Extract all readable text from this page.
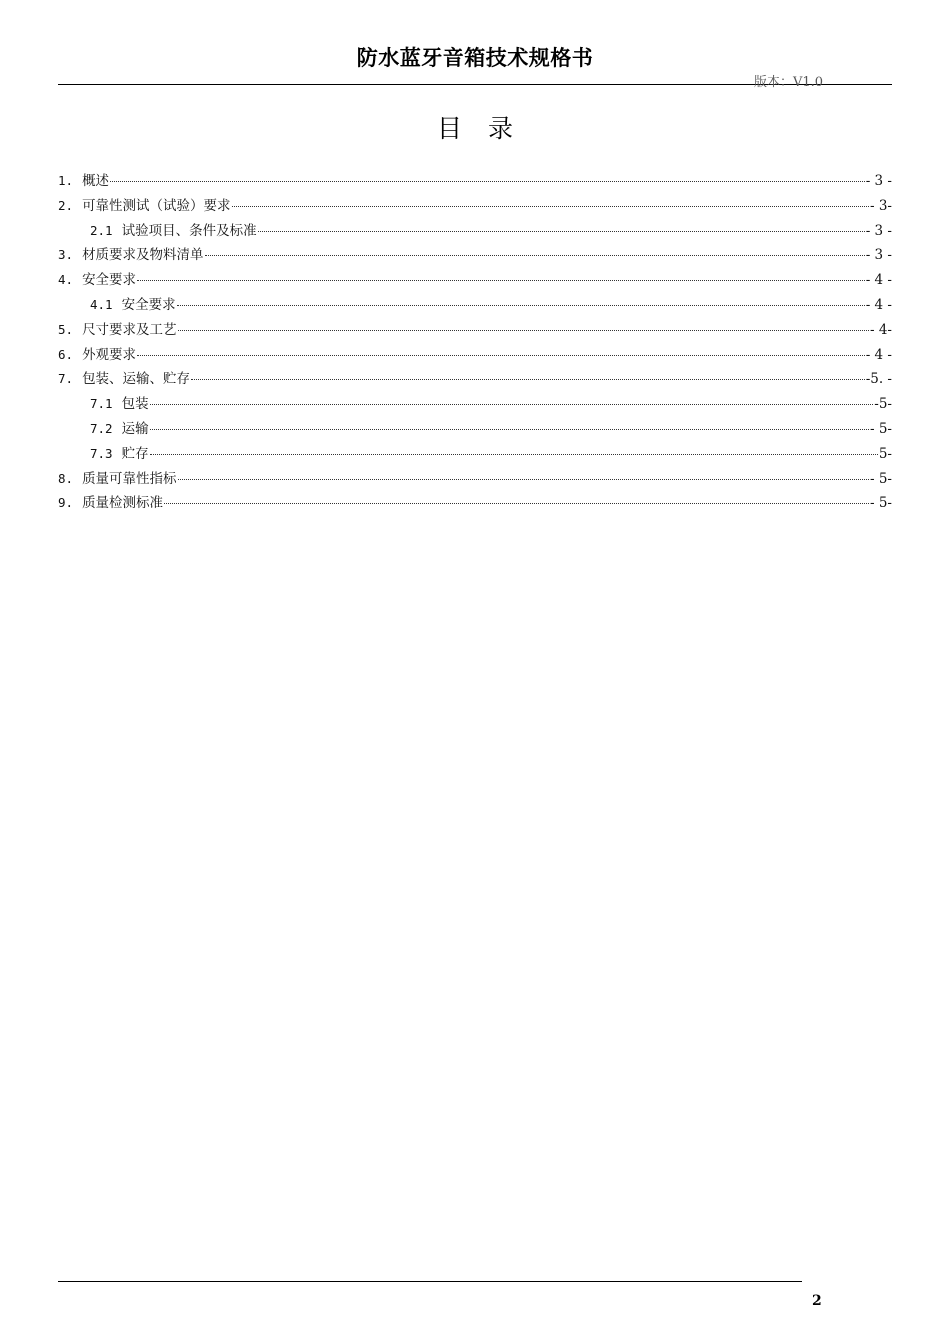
防水蓝牙音箱技术规格书
版本：V1.0
目录
1. 概述	- 3 -
2. 可靠性测试（试验）要求	- 3-
2.1 试验项目、条件及标准	- 3 -
3. 材质要求及物料清单	- 3 -
4. 安全要求	- 4 -
4.1 安全要求	- 4 -
5. 尺寸要求及工艺	- 4-
6. 外观要求	- 4 -
7. 包装、运输、贮存	-5. -
7.1 包装	-5-
7.2 运输	- 5-
7.3 贮存	5-
8. 质量可靠性指标	- 5-
9. 质量检测标准	- 5-
2
